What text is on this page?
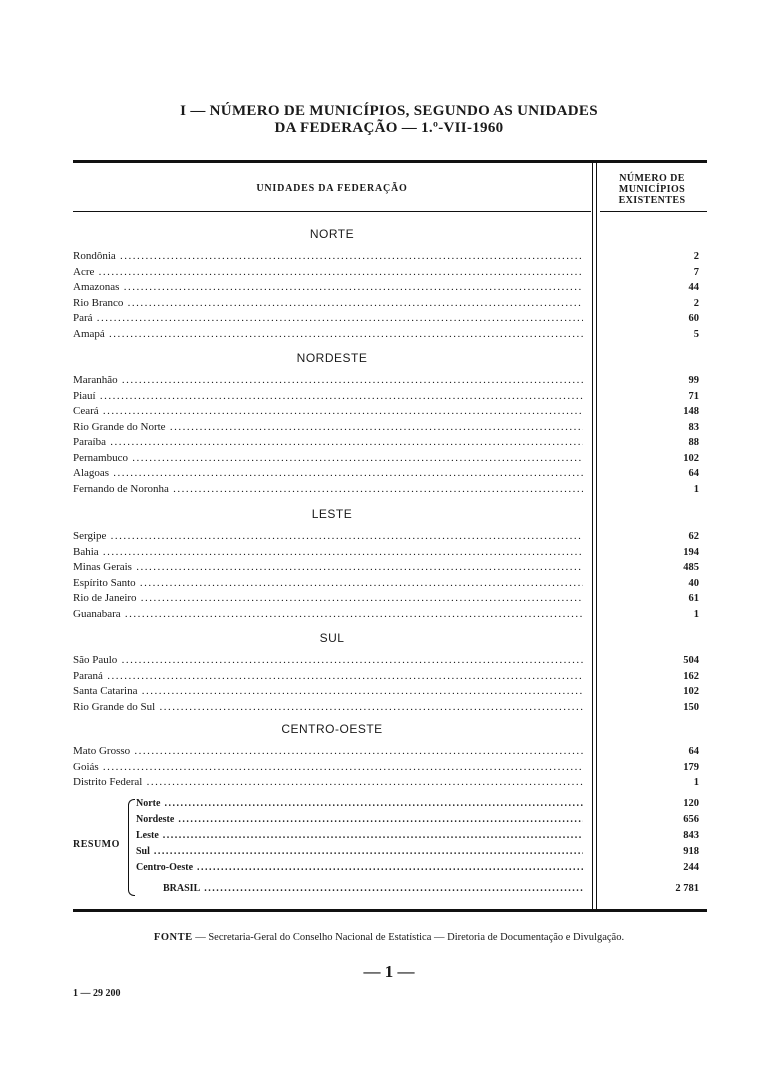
I — NÚMERO DE MUNICÍPIOS, SEGUNDO AS UNIDADES
DA FEDERAÇÃO — 1.º-VII-1960
UNIDADES DA FEDERAÇÃO
NÚMERO DE
MUNICÍPIOS
EXISTENTES
NORTE
Rondônia .....	2
Acre .....	7
Amazonas .....	44
Rio Branco .....	2
Pará .....	60
Amapá .....	5
NORDESTE
Maranhão .....	99
Piauí .....	71
Ceará .....	148
Rio Grande do Norte .....	83
Paraíba .....	88
Pernambuco .....	102
Alagoas .....	64
Fernando de Noronha .....	1
LESTE
Sergipe .....	62
Bahia .....	194
Minas Gerais .....	485
Espírito Santo .....	40
Rio de Janeiro .....	61
Guanabara .....	1
SUL
São Paulo .....	504
Paraná .....	162
Santa Catarina .....	102
Rio Grande do Sul .....	150
CENTRO-OESTE
Mato Grosso .....	64
Goiás .....	179
Distrito Federal .....	1
Norte .....	120
Nordeste .....	656
Leste .....	843
Sul .....	918
Centro-Oeste .....	244
BRASIL .....	2 781
RESUMO
FONTE — Secretaria-Geral do Conselho Nacional de Estatística — Diretoria de Documentação e Divulgação.
— 1 —
1 — 29 200
